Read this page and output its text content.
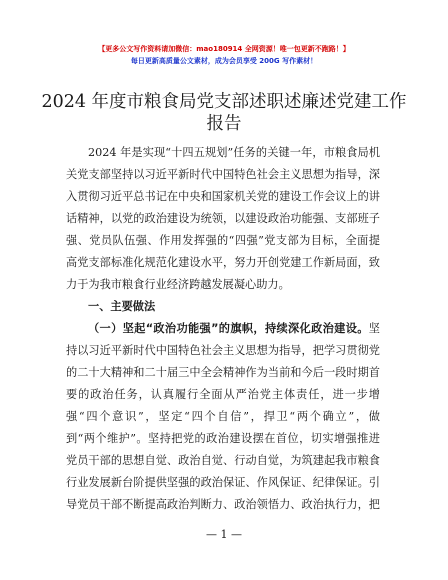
【更多公文写作资料请加微信：mao180914 全网资源！唯一包更新不跑路！】
每日更新高质量公文素材，成为会员享受 200G 写作素材！
2024 年度市粮食局党支部述职述廉述党建工作
报告
2024 年是实现“十四五规划”任务的关键一年，市粮食局机
关党支部坚持以习近平新时代中国特色社会主义思想为指导，深
入贯彻习近平总书记在中央和国家机关党的建设工作会议上的讲
话精神，以党的政治建设为统领，以建设政治功能强、支部班子
强、党员队伍强、作用发挥强的“四强”党支部为目标，全面提
高党支部标准化规范化建设水平，努力开创党建工作新局面，致
力于为我市粮食行业经济跨越发展凝心助力。
一、主要做法
（一）坚起“政治功能强”的旗帜，持续深化政治建设。坚
持以习近平新时代中国特色社会主义思想为指导，把学习贯彻党
的二十大精神和二十届三中全会精神作为当前和今后一段时期首
要的政治任务，认真履行全面从严治党主体责任，进一步增
强“四个意识”，坚定“四个自信”，捍卫“两个确立”，做
到“两个维护”。坚持把党的政治建设摆在首位，切实增强推进
党员干部的思想自觉、政治自觉、行动自觉，为筑建起我市粮食
行业发展新台阶提供坚强的政治保证、作风保证、纪律保证。引
导党员干部不断提高政治判断力、政治领悟力、政治执行力，把
— 1 —
